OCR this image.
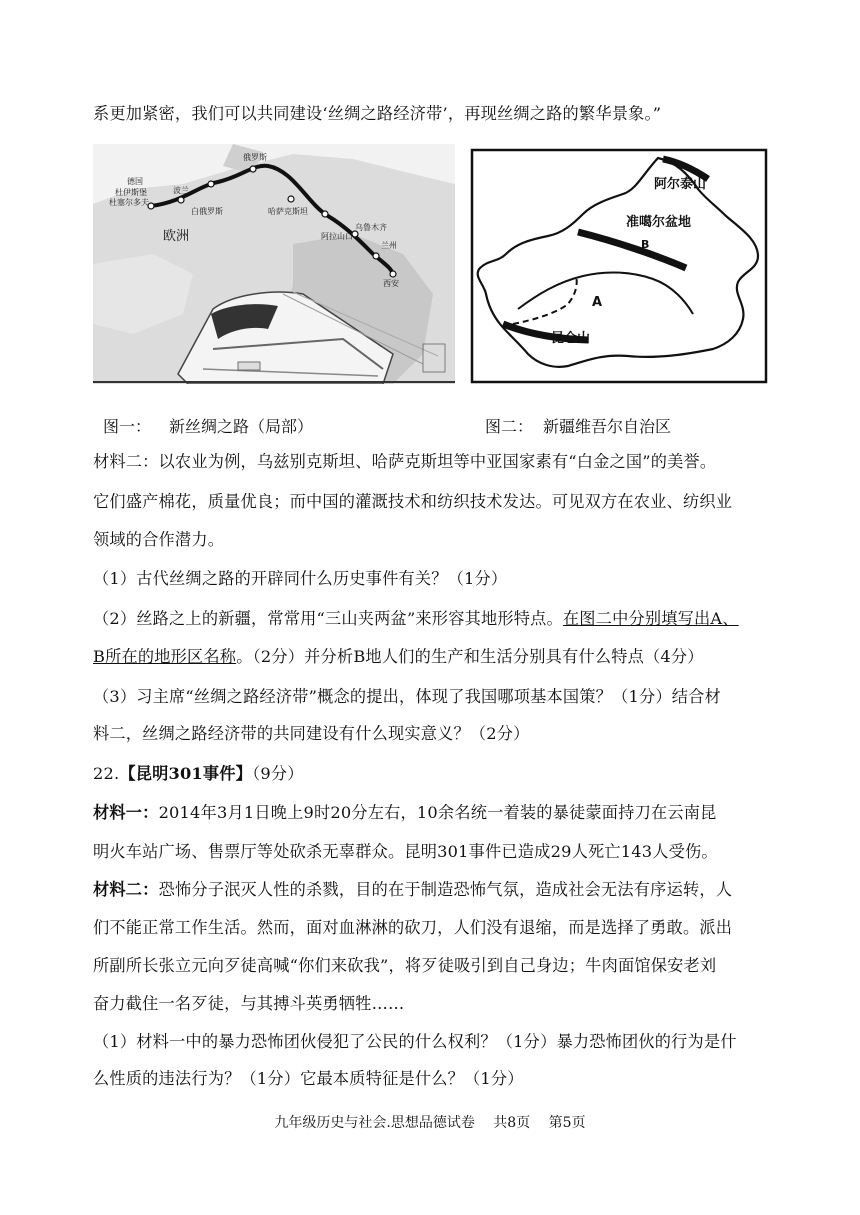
系更加紧密，我们可以共同建设‘丝绸之路经济带’，再现丝绸之路的繁华景象。”
德国
杜伊斯堡
杜塞尔多夫
波兰
白俄罗斯
俄罗斯
哈萨克斯坦
阿拉山口
乌鲁木齐
兰州
西安
欧洲
阿尔泰山
准噶尔盆地
B
A
昆仑山
图一： 新丝绸之路（局部）	图二： 新疆维吾尔自治区
材料二：以农业为例，乌兹别克斯坦、哈萨克斯坦等中亚国家素有“白金之国”的美誉。
它们盛产棉花，质量优良；而中国的灌溉技术和纺织技术发达。可见双方在农业、纺织业
领域的合作潜力。
（1）古代丝绸之路的开辟同什么历史事件有关？（1分）
（2）丝路之上的新疆，常常用“三山夹两盆”来形容其地形特点。在图二中分别填写出A、
B所在的地形区名称。（2分）并分析B地人们的生产和生活分别具有什么特点（4分）
（3）习主席“丝绸之路经济带”概念的提出，体现了我国哪项基本国策？（1分）结合材
料二，丝绸之路经济带的共同建设有什么现实意义？（2分）
22.【昆明301事件】（9分）
材料一：2014年3月1日晚上9时20分左右，10余名统一着装的暴徒蒙面持刀在云南昆
明火车站广场、售票厅等处砍杀无辜群众。昆明301事件已造成29人死亡143人受伤。
材料二：恐怖分子泯灭人性的杀戮，目的在于制造恐怖气氛，造成社会无法有序运转，人
们不能正常工作生活。然而，面对血淋淋的砍刀，人们没有退缩，而是选择了勇敢。派出
所副所长张立元向歹徒高喊“你们来砍我”，将歹徒吸引到自己身边；牛肉面馆保安老刘
奋力截住一名歹徒，与其搏斗英勇牺牲……
（1）材料一中的暴力恐怖团伙侵犯了公民的什么权利？（1分）暴力恐怖团伙的行为是什
么性质的违法行为？（1分）它最本质特征是什么？（1分）
九年级历史与社会.思想品德试卷　 共8页　 第5页
